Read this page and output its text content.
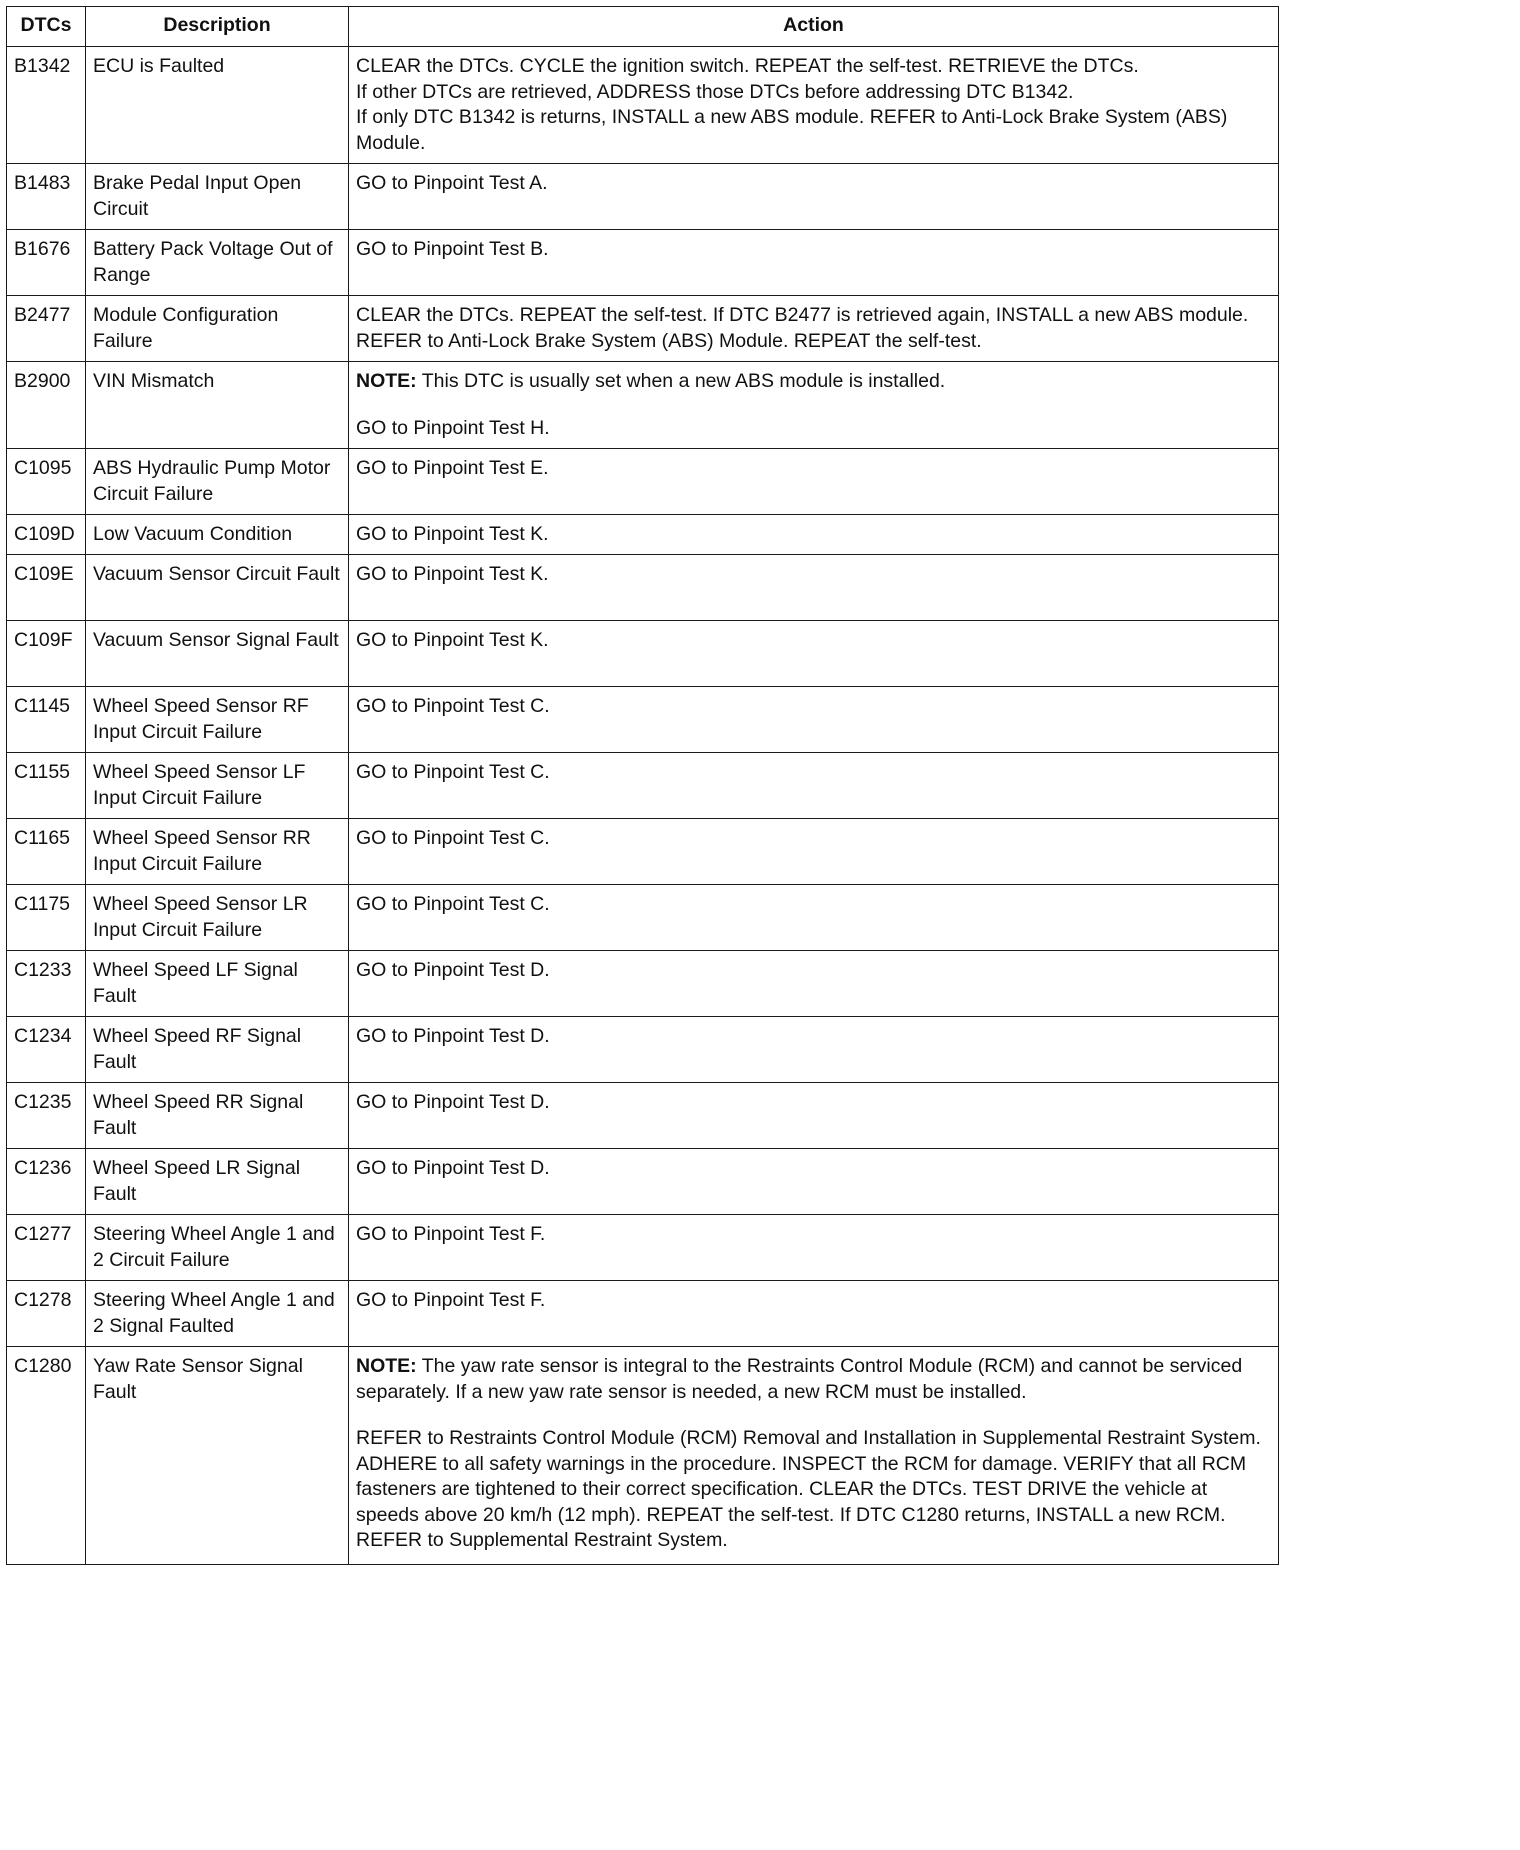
DTCs	Description	Action
B1342	ECU is Faulted	CLEAR the DTCs. CYCLE the ignition switch. REPEAT the self-test. RETRIEVE the DTCs.
If other DTCs are retrieved, ADDRESS those DTCs before addressing DTC B1342.
If only DTC B1342 is returns, INSTALL a new ABS module. REFER to Anti-Lock Brake System (ABS) Module.

B1483	Brake Pedal Input Open Circuit	GO to Pinpoint Test A.

B1676	Battery Pack Voltage Out of Range	GO to Pinpoint Test B.

B2477	Module Configuration Failure	CLEAR the DTCs. REPEAT the self-test. If DTC B2477 is retrieved again, INSTALL a new ABS module. REFER to Anti-Lock Brake System (ABS) Module. REPEAT the self-test.

B2900	VIN Mismatch	NOTE: This DTC is usually set when a new ABS module is installed.
GO to Pinpoint Test H.

C1095	ABS Hydraulic Pump Motor Circuit Failure	GO to Pinpoint Test E.

C109D	Low Vacuum Condition	GO to Pinpoint Test K.

C109E	Vacuum Sensor Circuit Fault	GO to Pinpoint Test K.

C109F	Vacuum Sensor Signal Fault	GO to Pinpoint Test K.

C1145	Wheel Speed Sensor RF Input Circuit Failure	GO to Pinpoint Test C.

C1155	Wheel Speed Sensor LF Input Circuit Failure	GO to Pinpoint Test C.

C1165	Wheel Speed Sensor RR Input Circuit Failure	GO to Pinpoint Test C.

C1175	Wheel Speed Sensor LR Input Circuit Failure	GO to Pinpoint Test C.

C1233	Wheel Speed LF Signal Fault	GO to Pinpoint Test D.

C1234	Wheel Speed RF Signal Fault	GO to Pinpoint Test D.

C1235	Wheel Speed RR Signal Fault	GO to Pinpoint Test D.

C1236	Wheel Speed LR Signal Fault	GO to Pinpoint Test D.

C1277	Steering Wheel Angle 1 and 2 Circuit Failure	GO to Pinpoint Test F.

C1278	Steering Wheel Angle 1 and 2 Signal Faulted	GO to Pinpoint Test F.

C1280	Yaw Rate Sensor Signal Fault	NOTE: The yaw rate sensor is integral to the Restraints Control Module (RCM) and cannot be serviced separately. If a new yaw rate sensor is needed, a new RCM must be installed.
REFER to Restraints Control Module (RCM) Removal and Installation in Supplemental Restraint System. ADHERE to all safety warnings in the procedure. INSPECT the RCM for damage. VERIFY that all RCM fasteners are tightened to their correct specification. CLEAR the DTCs. TEST DRIVE the vehicle at speeds above 20 km/h (12 mph). REPEAT the self-test. If DTC C1280 returns, INSTALL a new RCM. REFER to Supplemental Restraint System.
